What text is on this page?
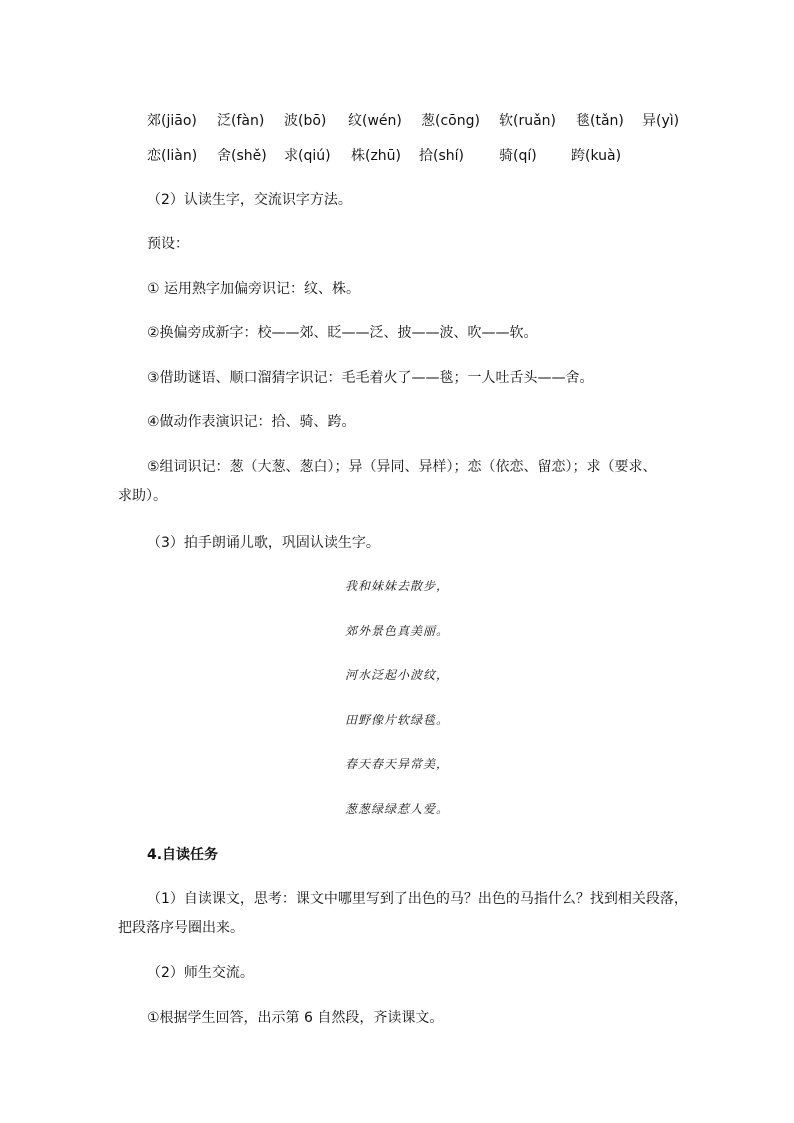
郊(jiāo) 泛(fàn) 波(bō) 纹(wén) 葱(cōng) 软(ruǎn) 毯(tǎn) 异(yì)
恋(liàn) 舍(shě) 求(qiú) 株(zhū) 拾(shí)	骑(qí) 跨(kuà)
（2）认读生字，交流识字方法。
预设：
① 运用熟字加偏旁识记：纹、株。
②换偏旁成新字：校——郊、眨——泛、披——波、吹——软。
③借助谜语、顺口溜猜字识记：毛毛着火了——毯；一人吐舌头——舍。
④做动作表演识记：拾、骑、跨。
⑤组词识记：葱（大葱、葱白）；异（异同、异样）；恋（依恋、留恋）；求（要求、
求助）。
（3）拍手朗诵儿歌，巩固认读生字。
我和妹妹去散步，
郊外景色真美丽。
河水泛起小波纹，
田野像片软绿毯。
春天春天异常美，
葱葱绿绿惹人爱。
4.自读任务
（1）自读课文，思考：课文中哪里写到了出色的马？出色的马指什么？找到相关段落，
把段落序号圈出来。
（2）师生交流。
①根据学生回答，出示第 6 自然段，齐读课文。
